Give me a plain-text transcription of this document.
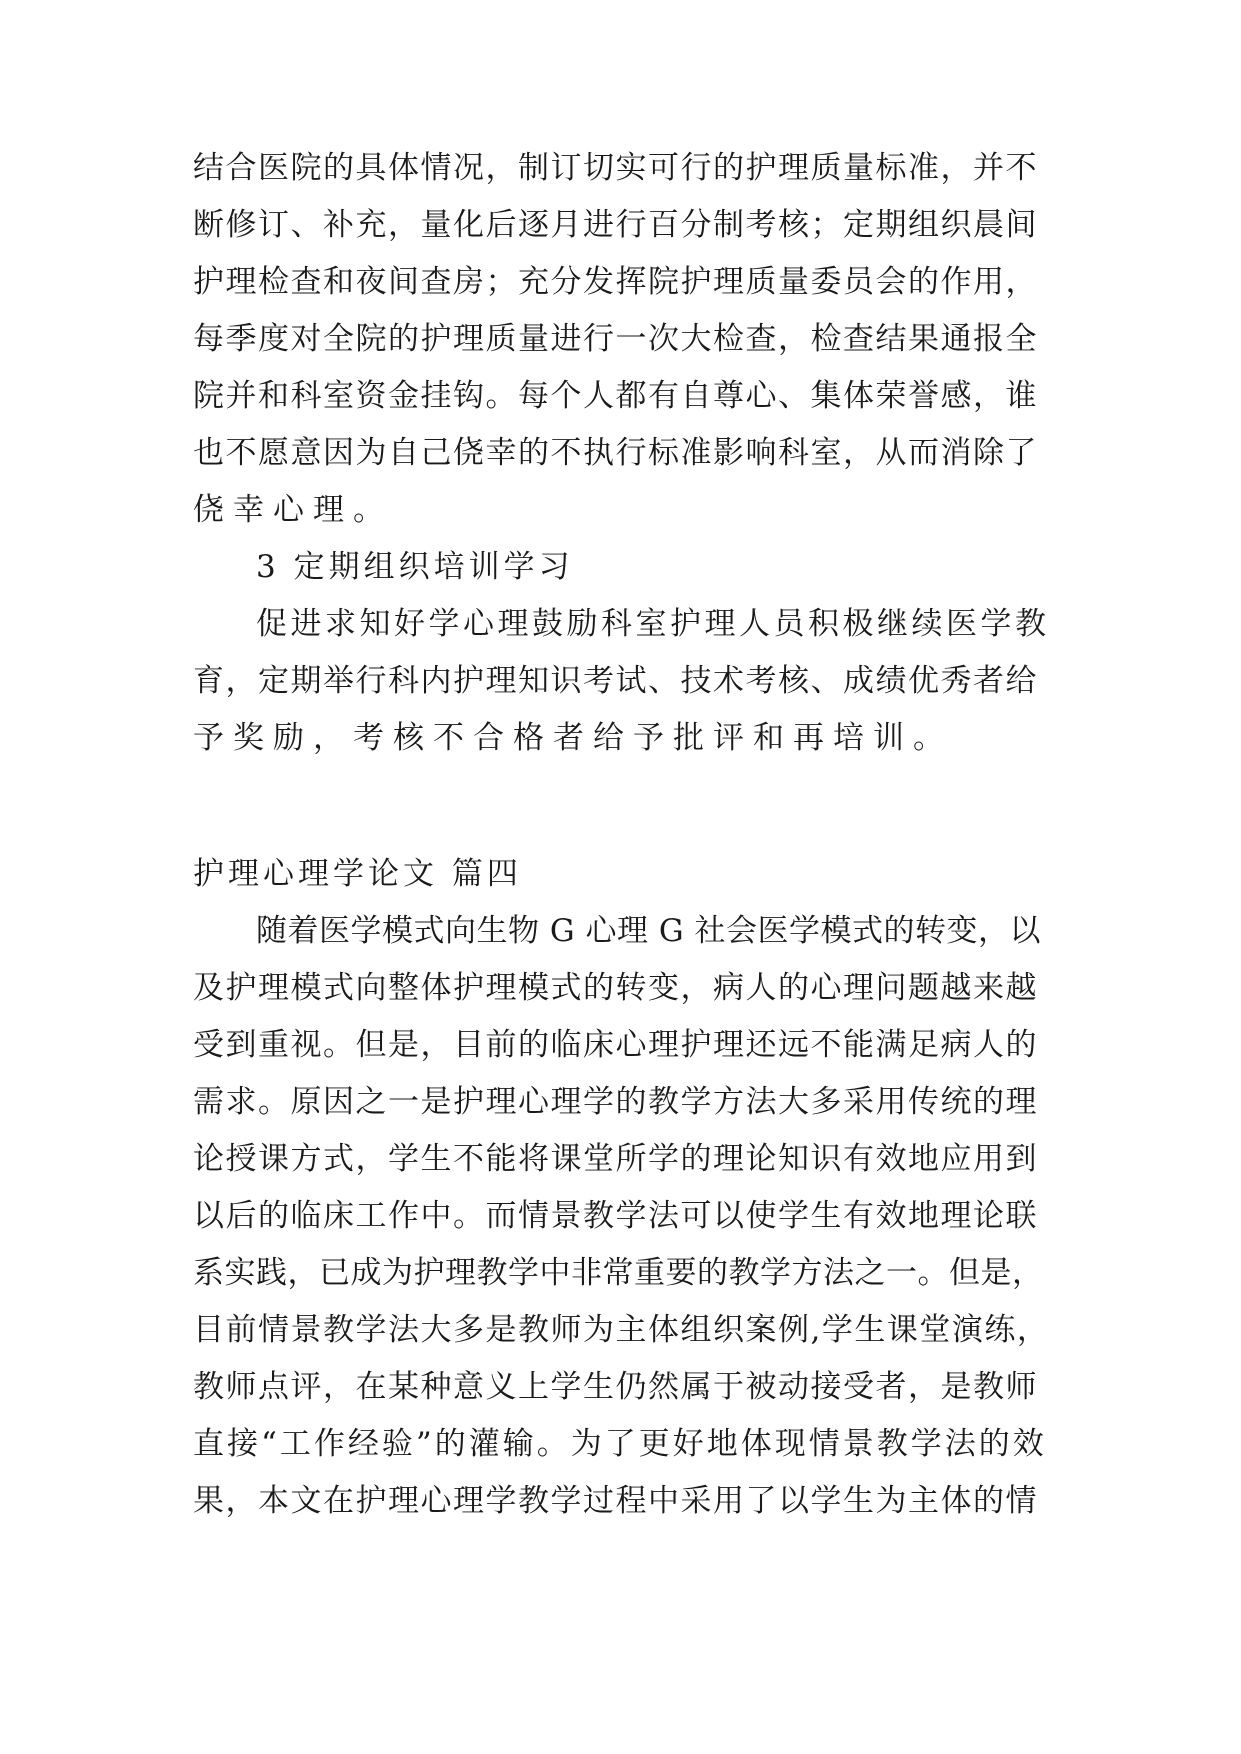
结合医院的具体情况，制订切实可行的护理质量标准，并不

断修订、补充，量化后逐月进行百分制考核；定期组织晨间

护理检查和夜间查房；充分发挥院护理质量委员会的作用，

每季度对全院的护理质量进行一次大检查，检查结果通报全

院并和科室资金挂钩。每个人都有自尊心、集体荣誉感，谁

也不愿意因为自己侥幸的不执行标准影响科室，从而消除了

侥幸心理。

3 定期组织培训学习

促进求知好学心理鼓励科室护理人员积极继续医学教

育，定期举行科内护理知识考试、技术考核、成绩优秀者给

予奖励，考核不合格者给予批评和再培训。

护理心理学论文 篇四

随着医学模式向生物 G 心理 G 社会医学模式的转变，以

及护理模式向整体护理模式的转变，病人的心理问题越来越

受到重视。但是，目前的临床心理护理还远不能满足病人的

需求。原因之一是护理心理学的教学方法大多采用传统的理

论授课方式，学生不能将课堂所学的理论知识有效地应用到

以后的临床工作中。而情景教学法可以使学生有效地理论联

系实践，已成为护理教学中非常重要的教学方法之一。但是，

目前情景教学法大多是教师为主体组织案例,学生课堂演练，

教师点评，在某种意义上学生仍然属于被动接受者，是教师

直接“工作经验”的灌输。为了更好地体现情景教学法的效

果，本文在护理心理学教学过程中采用了以学生为主体的情
